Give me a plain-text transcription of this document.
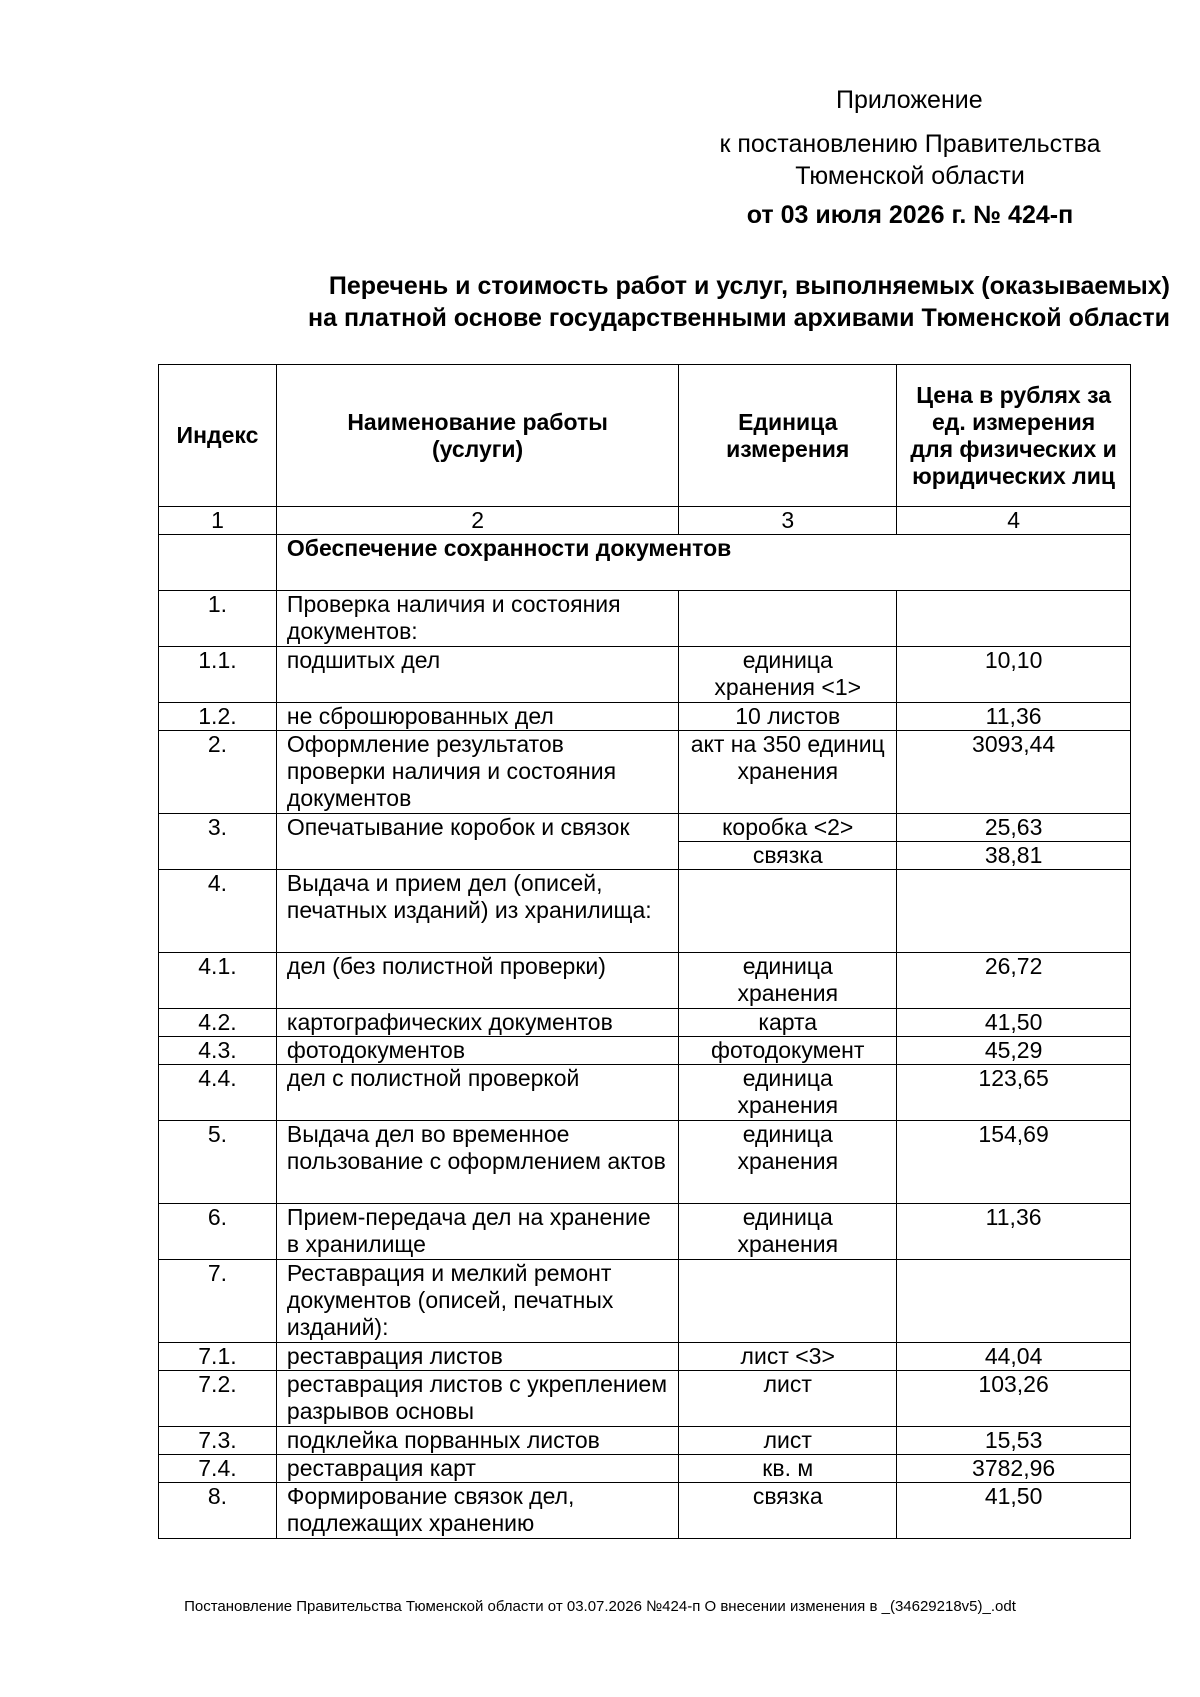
Приложение
к постановлению Правительства
Тюменской области
от 03 июля 2026 г. № 424-п
Перечень и стоимость работ и услуг, выполняемых (оказываемых)
на платной основе государственными архивами Тюменской области
Индекс	Наименование работы (услуги)	Единица измерения	Цена в рублях за ед. измерения для физических и юридических лиц
1	2	3	4
	Обеспечение сохранности документов		
1.	Проверка наличия и состояния документов:		
1.1.	подшитых дел	единица хранения <1>	10,10
1.2.	не сброшюрованных дел	10 листов	11,36
2.	Оформление результатов проверки наличия и состояния документов	акт на 350 единиц хранения	3093,44
3.	Опечатывание коробок и связок	коробка <2>	25,63
		связка	38,81
4.	Выдача и прием дел (описей, печатных изданий) из хранилища:		
4.1.	дел (без полистной проверки)	единица хранения	26,72
4.2.	картографических документов	карта	41,50
4.3.	фотодокументов	фотодокумент	45,29
4.4.	дел с полистной проверкой	единица хранения	123,65
5.	Выдача дел во временное пользование с оформлением актов	единица хранения	154,69
6.	Прием-передача дел на хранение в хранилище	единица хранения	11,36
7.	Реставрация и мелкий ремонт документов (описей, печатных изданий):		
7.1.	реставрация листов	лист <3>	44,04
7.2.	реставрация листов с укреплением разрывов основы	лист	103,26
7.3.	подклейка порванных листов	лист	15,53
7.4.	реставрация карт	кв. м	3782,96
8.	Формирование связок дел, подлежащих хранению	связка	41,50
Постановление Правительства Тюменской области от 03.07.2026 №424-п О внесении изменения в _(34629218v5)_.odt
